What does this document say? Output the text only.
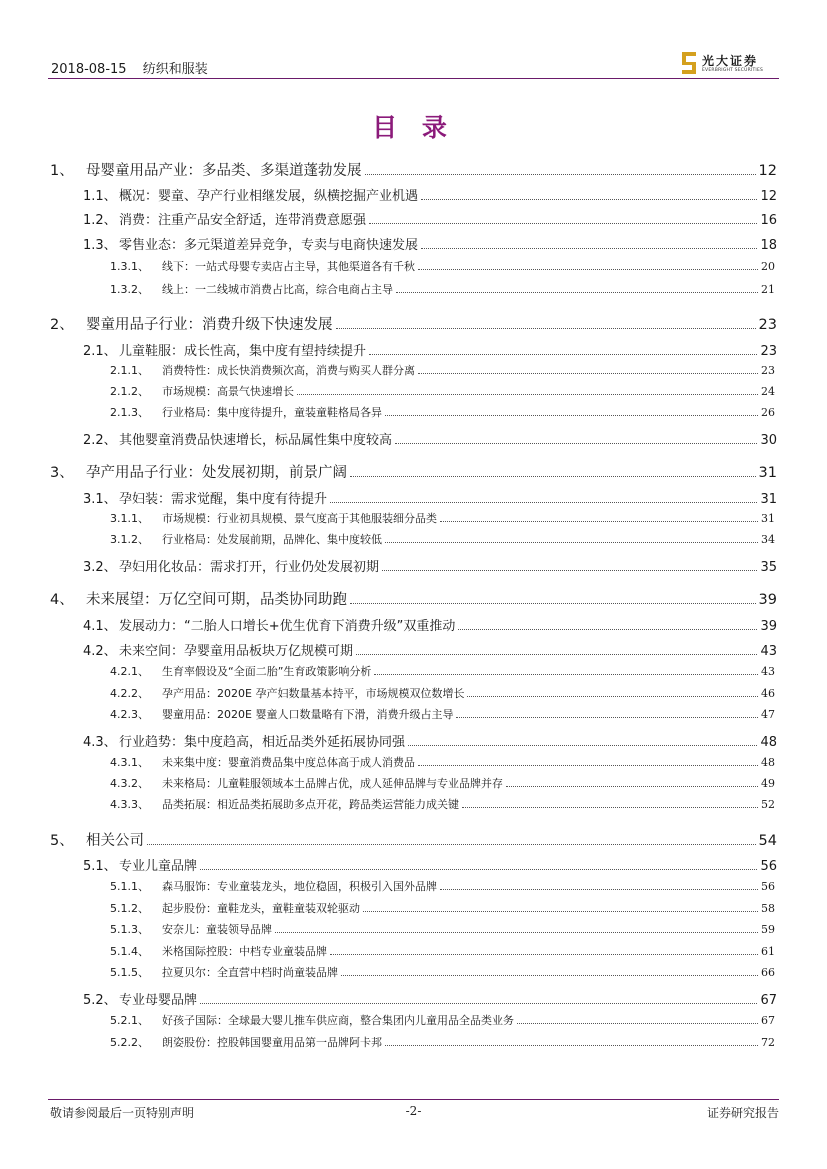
2018-08-15 纺织和服装
光大证券
EVERBRIGHT SECURITIES
目 录
1、 母婴童用品产业：多品类、多渠道蓬勃发展	12
1.1、 概况：婴童、孕产行业相继发展，纵横挖掘产业机遇	12
1.2、 消费：注重产品安全舒适，连带消费意愿强	16
1.3、 零售业态：多元渠道差异竞争，专卖与电商快速发展	18
1.3.1、	线下：一站式母婴专卖店占主导，其他渠道各有千秋	20
1.3.2、	线上：一二线城市消费占比高，综合电商占主导	21
2、 婴童用品子行业：消费升级下快速发展	23
2.1、 儿童鞋服：成长性高，集中度有望持续提升	23
2.1.1、	消费特性：成长快消费频次高，消费与购买人群分离	23
2.1.2、	市场规模：高景气快速增长	24
2.1.3、	行业格局：集中度待提升，童装童鞋格局各异	26
2.2、 其他婴童消费品快速增长，标品属性集中度较高	30
3、 孕产用品子行业：处发展初期，前景广阔	31
3.1、 孕妇装：需求觉醒，集中度有待提升	31
3.1.1、	市场规模：行业初具规模、景气度高于其他服装细分品类	31
3.1.2、	行业格局：处发展前期，品牌化、集中度较低	34
3.2、 孕妇用化妆品：需求打开，行业仍处发展初期	35
4、 未来展望：万亿空间可期，品类协同助跑	39
4.1、 发展动力：“二胎人口增长+优生优育下消费升级”双重推动	39
4.2、 未来空间：孕婴童用品板块万亿规模可期	43
4.2.1、	生育率假设及“全面二胎”生育政策影响分析	43
4.2.2、	孕产用品：2020E 孕产妇数量基本持平，市场规模双位数增长	46
4.2.3、	婴童用品：2020E 婴童人口数量略有下滑，消费升级占主导	47
4.3、 行业趋势：集中度趋高，相近品类外延拓展协同强	48
4.3.1、	未来集中度：婴童消费品集中度总体高于成人消费品	48
4.3.2、	未来格局：儿童鞋服领域本土品牌占优，成人延伸品牌与专业品牌并存	49
4.3.3、	品类拓展：相近品类拓展助多点开花，跨品类运营能力成关键	52
5、 相关公司	54
5.1、 专业儿童品牌	56
5.1.1、	森马服饰：专业童装龙头，地位稳固，积极引入国外品牌	56
5.1.2、	起步股份：童鞋龙头，童鞋童装双轮驱动	58
5.1.3、	安奈儿：童装领导品牌	59
5.1.4、	米格国际控股：中档专业童装品牌	61
5.1.5、	拉夏贝尔：全直营中档时尚童装品牌	66
5.2、 专业母婴品牌	67
5.2.1、	好孩子国际：全球最大婴儿推车供应商，整合集团内儿童用品全品类业务	67
5.2.2、	朗姿股份：控股韩国婴童用品第一品牌阿卡邦	72
敬请参阅最后一页特别声明	-2-	证券研究报告
